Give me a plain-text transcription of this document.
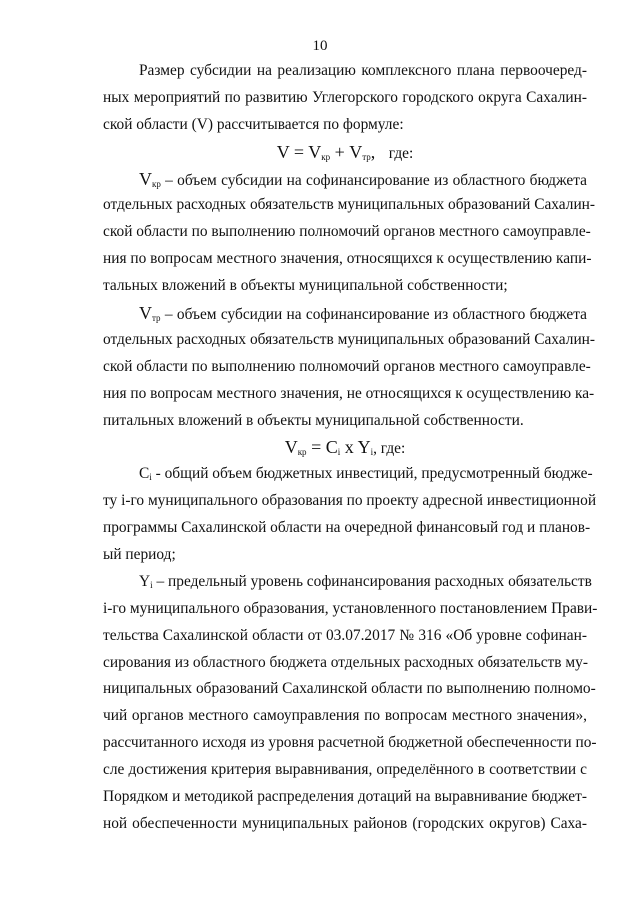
10
Размер субсидии на реализацию комплексного плана первоочеред-
ных мероприятий по развитию Углегорского городского округа Сахалин-
ской области (V) рассчитывается по формуле:
$V = V_{кр} + V_{тр}$, где:
$V_{кр}$ – объем субсидии на софинансирование из областного бюджета
отдельных расходных обязательств муниципальных образований Сахалин-
ской области по выполнению полномочий органов местного самоуправле-
ния по вопросам местного значения, относящихся к осуществлению капи-
тальных вложений в объекты муниципальной собственности;
$V_{тр}$ – объем субсидии на софинансирование из областного бюджета
отдельных расходных обязательств муниципальных образований Сахалин-
ской области по выполнению полномочий органов местного самоуправле-
ния по вопросам местного значения, не относящихся к осуществлению ка-
питальных вложений в объекты муниципальной собственности.
$V_{кр} = C_i$ x $Y_i$, где:
$C_i$ - общий объем бюджетных инвестиций, предусмотренный бюдже-
ту i-го муниципального образования по проекту адресной инвестиционной
программы Сахалинской области на очередной финансовый год и планов-
ый период;
$Y_i$ – предельный уровень софинансирования расходных обязательств
i-го муниципального образования, установленного постановлением Прави-
тельства Сахалинской области от 03.07.2017 № 316 «Об уровне софинан-
сирования из областного бюджета отдельных расходных обязательств му-
ниципальных образований Сахалинской области по выполнению полномо-
чий органов местного самоуправления по вопросам местного значения»,
рассчитанного исходя из уровня расчетной бюджетной обеспеченности по-
сле достижения критерия выравнивания, определённого в соответствии с
Порядком и методикой распределения дотаций на выравнивание бюджет-
ной обеспеченности муниципальных районов (городских округов) Саха-
